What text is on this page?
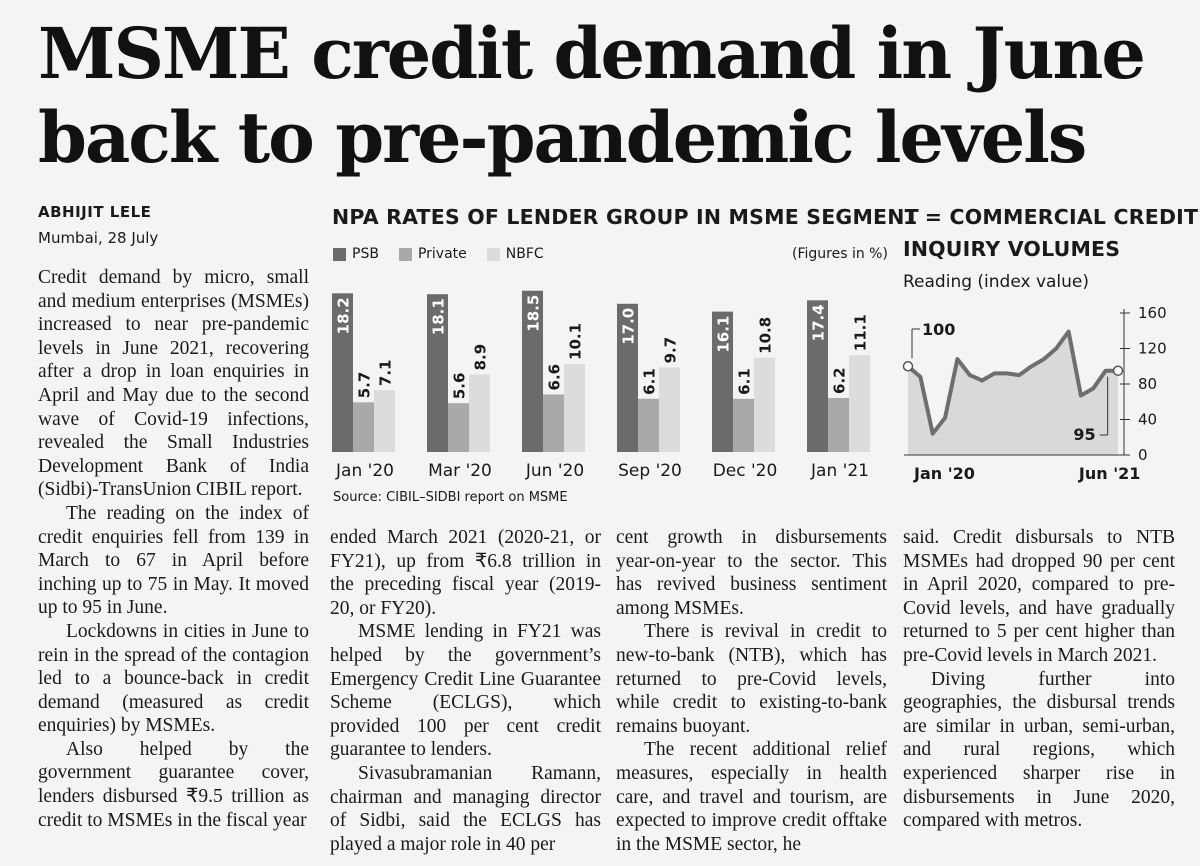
MSME credit demand in June
back to pre-pandemic levels
ABHIJIT LELE
Mumbai, 28 July

Credit demand by micro, small and medium enterprises (MSMEs) increased to near pre-pandemic levels in June 2021, recovering after a drop in loan enquiries in April and May due to the second wave of Covid-19 infections, revealed the Small Industries Development Bank of India (Sidbi)-TransUnion CIBIL report.

The reading on the index of credit enquiries fell from 139 in March to 67 in April before inching up to 75 in May. It moved up to 95 in June.

Lockdowns in cities in June to rein in the spread of the contagion led to a bounce-back in credit demand (measured as credit enquiries) by MSMEs.

Also helped by the government guarantee cover, lenders disbursed ₹9.5 trillion as credit to MSMEs in the fiscal year

ended March 2021 (2020-21, or FY21), up from ₹6.8 trillion in the preceding fiscal year (2019-20, or FY20).

MSME lending in FY21 was helped by the government’s Emergency Credit Line Guarantee Scheme (ECLGS), which provided 100 per cent credit guarantee to lenders.

Sivasubramanian Ramann, chairman and managing director of Sidbi, said the ECLGS has played a major role in 40 per

cent growth in disbursements year-on-year to the sector. This has revived business sentiment among MSMEs.

There is revival in credit to new-to-bank (NTB), which has returned to pre-Covid levels, while credit to existing-to-bank remains buoyant.

The recent additional relief measures, especially in health care, and travel and tourism, are expected to improve credit offtake in the MSME sector, he

said. Credit disbursals to NTB MSMEs had dropped 90 per cent in April 2020, compared to pre-Covid levels, and have gradually returned to 5 per cent higher than pre-Covid levels in March 2021.

Diving further into geographies, the disbursal trends are similar in urban, semi-urban, and rural regions, which experienced sharper rise in disbursements in June 2020, compared with metros.

NPA RATES OF LENDER GROUP IN MSME SEGMENT
PSB	Private	NBFC	(Figures in %)
18.2
5.7 7.1
Jan '20
18.1
5.6
8.9
Mar '20
18.5
6.6
10.1
Jun '20
17.0
6.1
9.7
Sep '20
16.1
6.1
10.8
Dec '20
17.4
6.2
11.1
Jan '21
Source: CIBIL–SIDBI report on MSME
1 = COMMERCIAL CREDIT
INQUIRY VOLUMES
Reading (index value)
0
40
80
120
160
100
95
Jan '20	Jun '21
